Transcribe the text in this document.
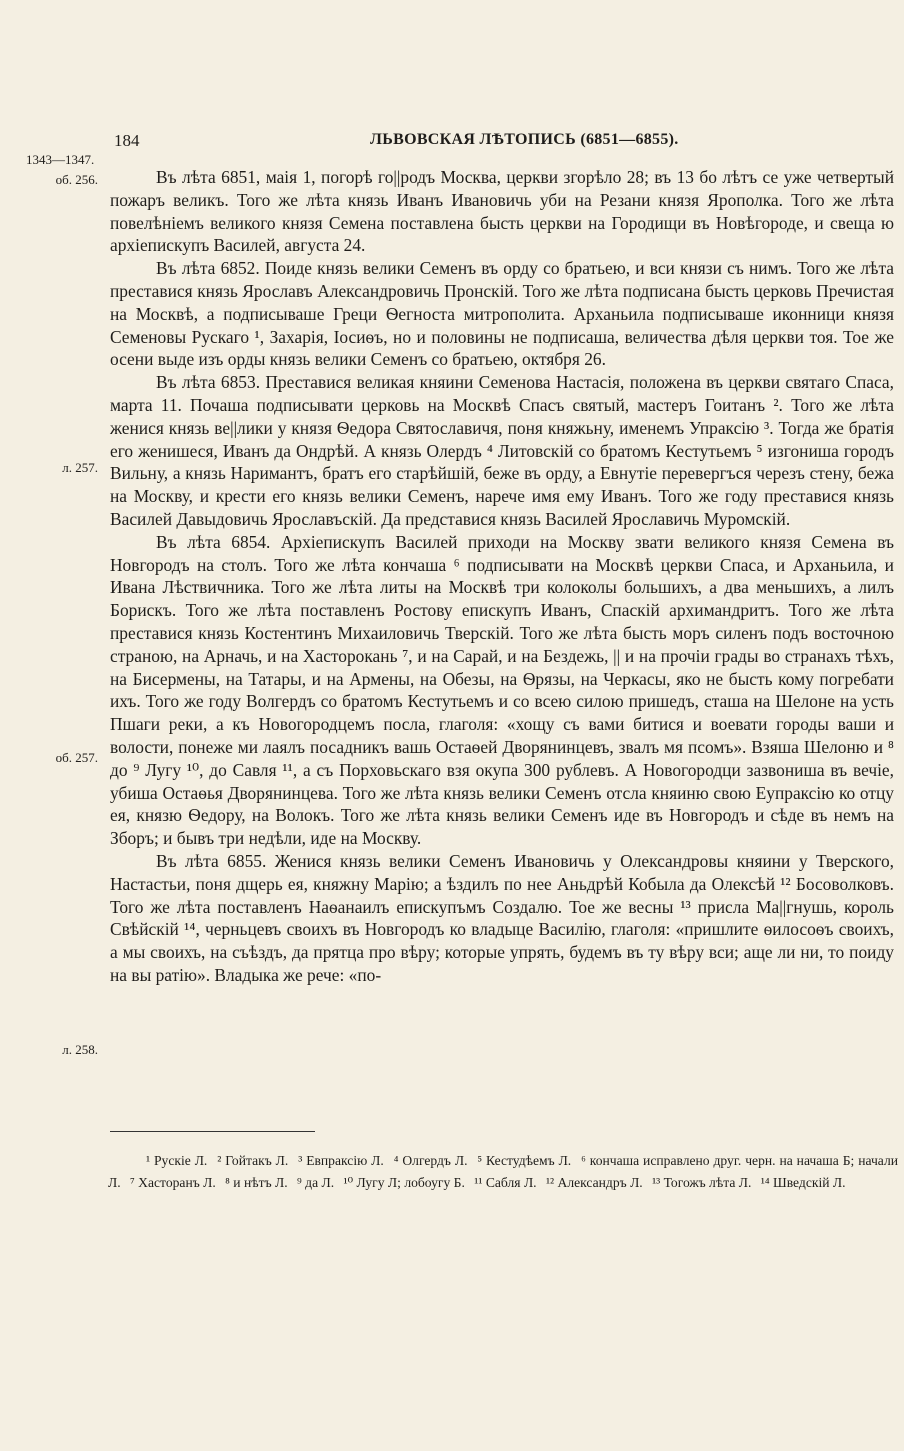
184	ЛЬВОВСКАЯ ЛѢТОПИСЬ (6851—6855).
1343—1347.
об. 256.
л. 257.
об. 257.
л. 258.

Въ лѣта 6851, маія 1, погорѣ го||родъ Москва, церкви згорѣло 28; въ 13 бо лѣтъ се уже четвертый пожаръ великъ. Того же лѣта князь Иванъ Ивановичь уби на Резани князя Ярополка. Того же лѣта повелѣніемъ великого князя Семена поставлена бысть церкви на Городищи въ Новѣгороде, и свеща ю архіепискупъ Василей, августа 24.

Въ лѣта 6852. Поиде князь велики Семенъ въ орду со братьею, и вси князи съ нимъ. Того же лѣта преставися князь Ярославъ Александровичь Пронскій. Того же лѣта подписана бысть церковь Пречистая на Москвѣ, а подписываше Греци Ѳегноста митрополита. Арханьила подписываше иконници князя Семеновы Рускаго ¹, Захарія, Іосиѳъ, но и половины не подписаша, величества дѣля церкви тоя. Тое же осени выде изъ орды князь велики Семенъ со братьею, октября 26.

Въ лѣта 6853. Преставися великая княини Семенова Настасія, положена въ церкви святаго Спаса, марта 11. Почаша подписывати церковь на Москвѣ Спасъ святый, мастеръ Гоитанъ ². Того же лѣта женися князь ве||лики у князя Ѳедора Святославичя, поня княжьну, именемъ Упраксію ³. Тогда же братія его женишеся, Иванъ да Ондрѣй. А князь Олердъ ⁴ Литовскій со братомъ Кестутьемъ ⁵ изгониша городъ Вильну, а князь Наримантъ, братъ его старѣйшій, беже въ орду, а Евнутіе перевергъся черезъ стену, бежа на Москву, и крести его князь велики Семенъ, нарече имя ему Иванъ. Того же году преставися князь Василей Давыдовичь Ярославъскій. Да представися князь Василей Ярославичь Муромскій.

Въ лѣта 6854. Архіепискупъ Василей приходи на Москву звати великого князя Семена въ Новгородъ на столъ. Того же лѣта кончаша ⁶ подписывати на Москвѣ церкви Спаса, и Арханьила, и Ивана Лѣствичника. Того же лѣта литы на Москвѣ три колоколы большихъ, а два меньшихъ, а лилъ Борискъ. Того же лѣта поставленъ Ростову епискупъ Иванъ, Спаскій архимандритъ. Того же лѣта преставися князь Костентинъ Михаиловичь Тверскій. Того же лѣта бысть моръ силенъ подъ восточною страною, на Арначь, и на Хасторокань ⁷, и на Сарай, и на Бездежь, || и на прочіи грады во странахъ тѣхъ, на Бисермены, на Татары, и на Армены, на Обезы, на Ѳрязы, на Черкасы, яко не бысть кому погребати ихъ. Того же году Волгердъ со братомъ Кестутьемъ и со всею силою пришедъ, сташа на Шелоне на усть Пшаги реки, а къ Новогородцемъ посла, глаголя: «хощу съ вами битися и воевати городы ваши и волости, понеже ми лаялъ посадникъ вашь Остаѳей Дворянинцевъ, звалъ мя псомъ». Взяша Шелоню и ⁸ до ⁹ Лугу ¹⁰, до Савля ¹¹, а съ Порховьскаго взя окупа 300 рублевъ. А Новогородци зазвониша въ вечіе, убиша Остаѳья Дворянинцева. Того же лѣта князь велики Семенъ отсла княиню свою Еупраксію ко отцу ея, князю Ѳедору, на Волокъ. Того же лѣта князь велики Семенъ иде въ Новгородъ и сѣде въ немъ на Зборъ; и бывъ три недѣли, иде на Москву.

Въ лѣта 6855. Женися князь велики Семенъ Ивановичь у Олександровы княини у Тверского, Настастьи, поня дщерь ея, княжну Марію; а ѣздилъ по нее Аньдрѣй Кобыла да Олексѣй ¹² Босоволковъ. Того же лѣта поставленъ Наѳанаилъ епискупъмъ Создалю. Тое же весны ¹³ присла Ма||гнушь, король Свѣйскій ¹⁴, черньцевъ своихъ въ Новгородъ ко владыце Василію, глаголя: «пришлите ѳилосоѳъ своихъ, а мы своихъ, на съѣздъ, да прятца про вѣру; которые упрять, будемъ въ ту вѣру вси; аще ли ни, то поиду на вы ратію». Владыка же рече: «по-

¹ Рускіе Л. ² Гойтакъ Л. ³ Евпраксію Л. ⁴ Олгердъ Л. ⁵ Кестудѣемъ Л. ⁶ кончаша исправлено друг. черн. на начаша Б; начали Л. ⁷ Хасторанъ Л. ⁸ и нѣтъ Л. ⁹ да Л. ¹⁰ Лугу Л; лобоугу Б. ¹¹ Сабля Л. ¹² Александръ Л. ¹³ Тогожъ лѣта Л. ¹⁴ Шведскій Л.
